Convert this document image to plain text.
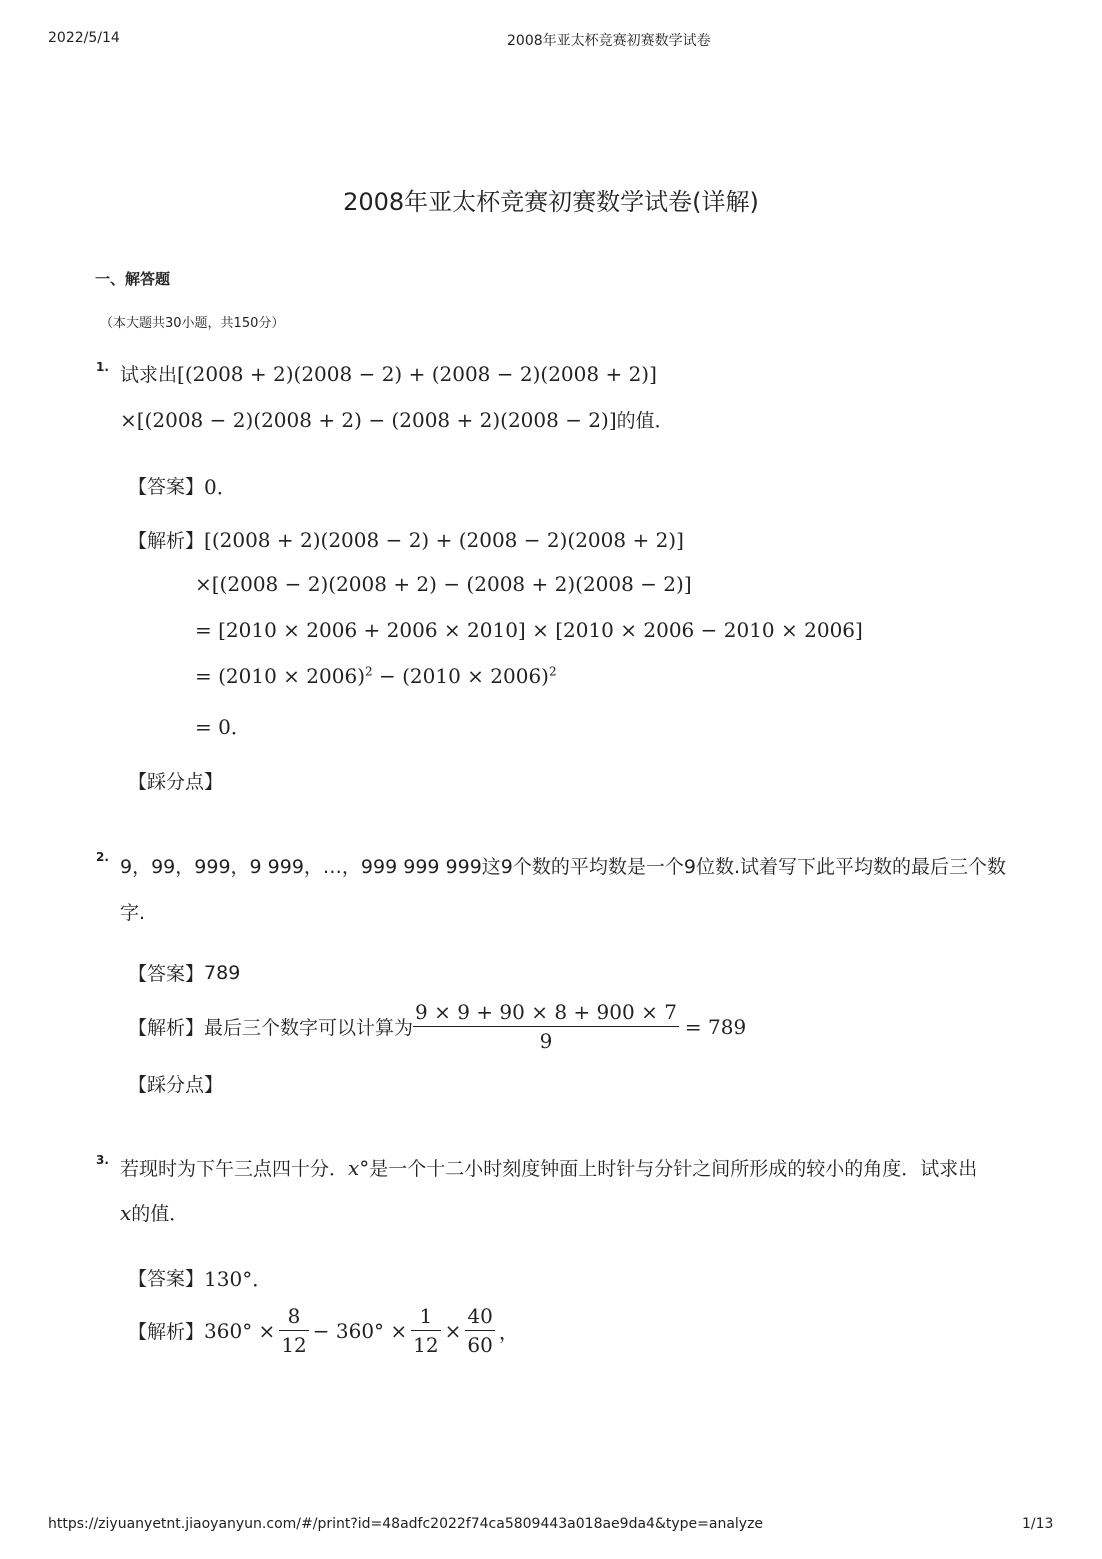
2022/5/14	2008年亚太杯竞赛初赛数学试卷
2008年亚太杯竞赛初赛数学试卷(详解)
一、解答题
（本大题共30小题，共150分）
1. 试求出 [(2008 + 2)(2008 − 2) + (2008 − 2)(2008 + 2)]
×[(2008 − 2)(2008 + 2) − (2008 + 2)(2008 − 2)] 的值．
【答案】 0．
【解析】 [(2008 + 2)(2008 − 2) + (2008 − 2)(2008 + 2)]
×[(2008 − 2)(2008 + 2) − (2008 + 2)(2008 − 2)]
= [2010 × 2006 + 2006 × 2010] × [2010 × 2006 − 2010 × 2006]
= $(2010 \times 2006)^2 - (2010 \times 2006)^2$
= 0．
【踩分点】
2. 9，99，999，9 999，…，999 999 999这9个数的平均数是一个9位数.试着写下此平均数的最后三个数
字.
【答案】 789
【解析】 最后三个数字可以计算为 $\frac{9 \times 9 + 90 \times 8 + 900 \times 7}{9} = 789$
【踩分点】
3. 若现时为下午三点四十分． x° 是一个十二小时刻度钟面上时针与分针之间所形成的较小的角度．试求出
x 的值．
【答案】 130°．
【解析】 $360^\circ \times \frac{8}{12} - 360^\circ \times \frac{1}{12} \times \frac{40}{60}$ ，
https://ziyuanyetnt.jiaoyanyun.com/#/print?id=48adfc2022f74ca5809443a018ae9da4&type=analyze	1/13
